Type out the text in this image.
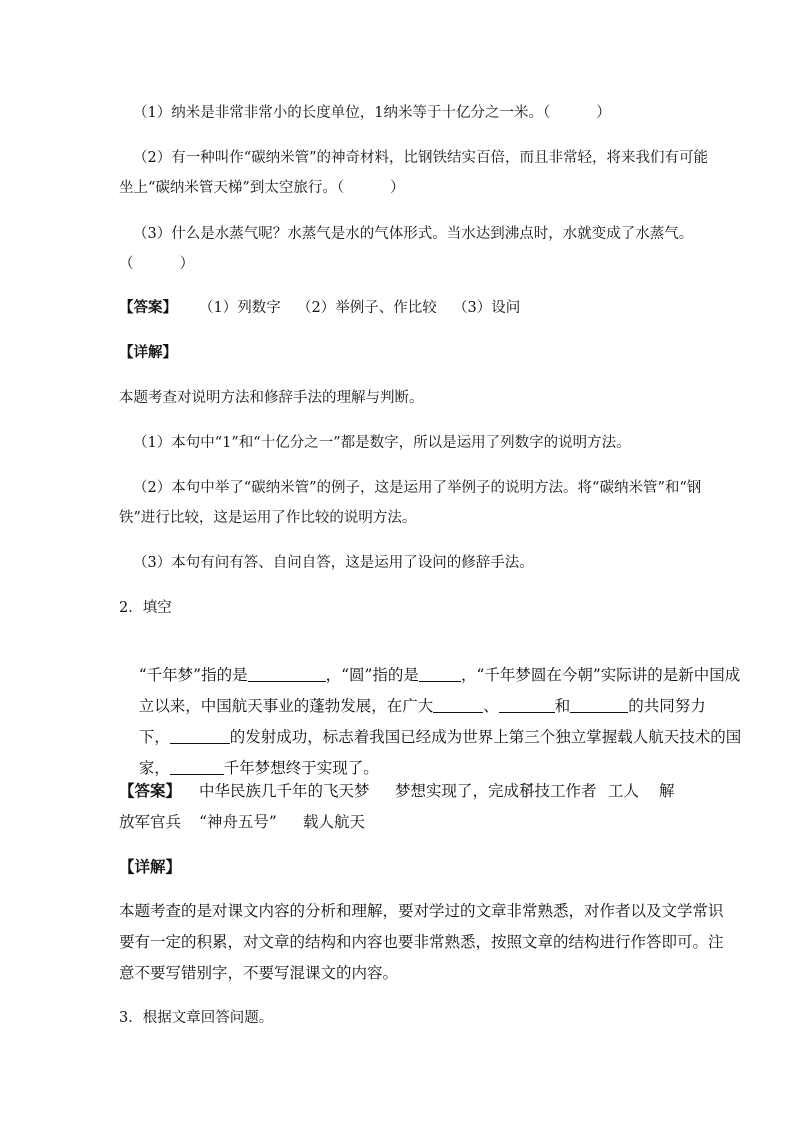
（1）纳米是非常非常小的长度单位，1纳米等于十亿分之一米。（          ）
（2）有一种叫作“碳纳米管”的神奇材料，比钢铁结实百倍，而且非常轻，将来我们有可能
坐上“碳纳米管天梯”到太空旅行。（          ）
（3）什么是水蒸气呢？水蒸气是水的气体形式。当水达到沸点时，水就变成了水蒸气。
（          ）
【答案】 （1）列数字 （2）举例子、作比较 （3）设问
【详解】
本题考查对说明方法和修辞手法的理解与判断。
（1）本句中“1”和“十亿分之一”都是数字，所以是运用了列数字的说明方法。
（2）本句中举了“碳纳米管”的例子，这是运用了举例子的说明方法。将“碳纳米管”和“钢
铁”进行比较，这是运用了作比较的说明方法。
（3）本句有问有答、自问自答，这是运用了设问的修辞手法。
2．填空

“千年梦”指的是	，“圆”指的是	，“千年梦圆在今朝”实际讲的是新中国成

立以来，中国航天事业的蓬勃发展，在广大	、	和	的共同努力

下，	的发射成功，标志着我国已经成为世界上第三个独立掌握载人航天技术的国

家，	千年梦想终于实现了。

【答案】 中华民族几千年的飞天梦 梦想实现了，完成了
科技工作者 工人 解
放军官兵 “神舟五号” 载人航天
【详解】
本题考查的是对课文内容的分析和理解，要对学过的文章非常熟悉，对作者以及文学常识
要有一定的积累，对文章的结构和内容也要非常熟悉，按照文章的结构进行作答即可。注
意不要写错别字，不要写混课文的内容。
3．根据文章回答问题。
